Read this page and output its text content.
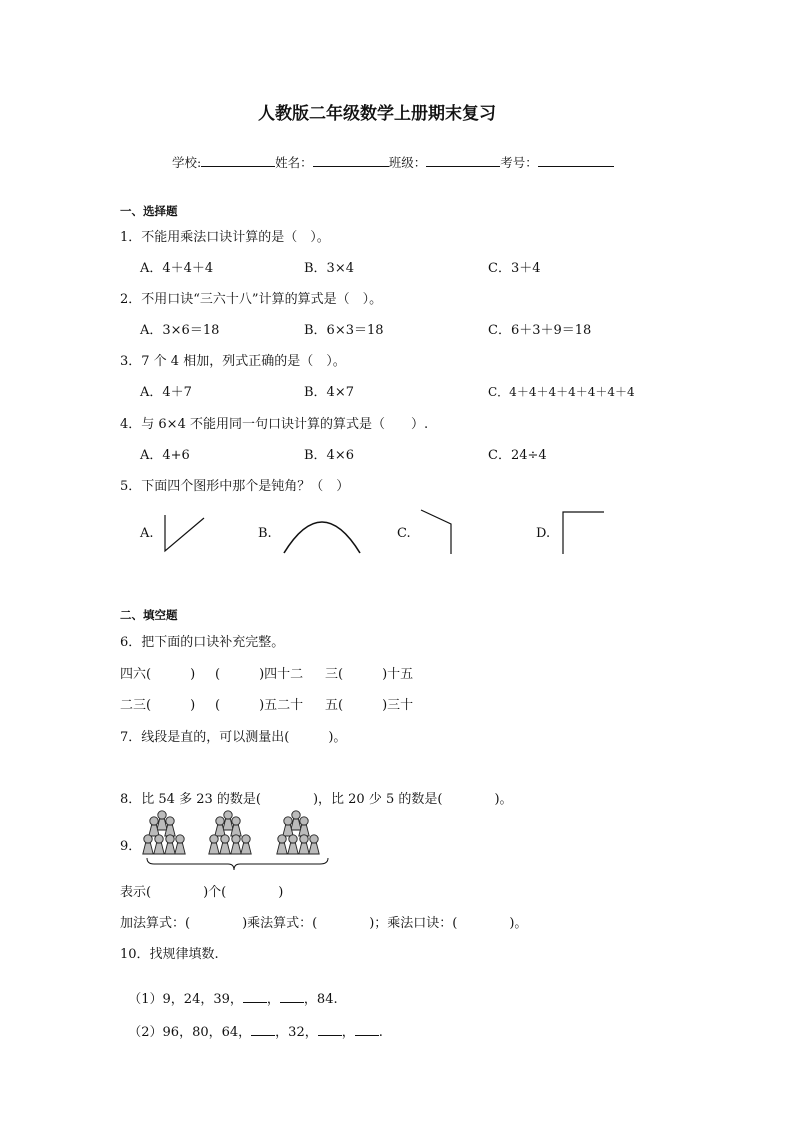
人教版二年级数学上册期末复习

学校:	姓名：	班级：	考号：

一、选择题
1．不能用乘法口诀计算的是（　）。
A．4＋4＋4	B．3×4	C．3＋4
2．不用口诀“三六十八”计算的算式是（　）。
A．3×6＝18	B．6×3＝18	C．6＋3＋9＝18
3．7 个 4 相加，列式正确的是（　）。
A．4＋7	B．4×7	C．4＋4＋4＋4＋4＋4＋4
4．与 6×4 不能用同一句口诀计算的算式是（　　）.
A．4+6	B．4×6	C．24÷4
5．下面四个图形中那个是钝角？（　）
A.	B.	C.	D.
二、填空题
6．把下面的口诀补充完整。
四六(　　　) (　　　)四十二 三(　　　)十五
二三(　　　) (　　　)五二十 五(　　　)三十
7．线段是直的，可以测量出(　　　)。
8．比 54 多 23 的数是(　　　　)，比 20 少 5 的数是(　　　　)。
9．
表示(　　　　)个(　　　　)
加法算式：(　　　　)乘法算式：(　　　　)；乘法口诀：(　　　　)。
10．找规律填数.

（1）9，24，39， ， ，84.

（2）96，80，64， ，32， ， .
